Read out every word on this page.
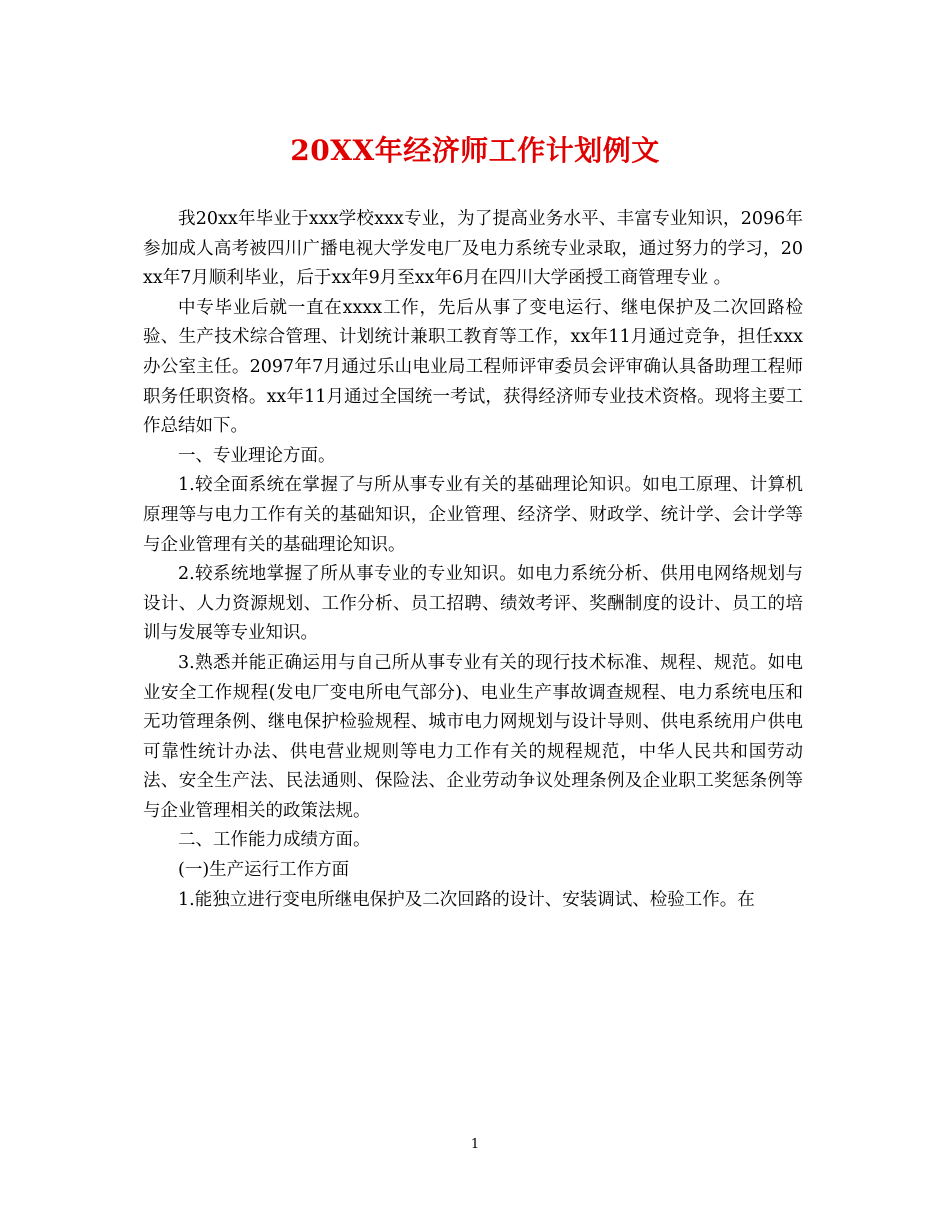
20XX年经济师工作计划例文

我20xx年毕业于xxx学校xxx专业，为了提高业务水平、丰富专业知识，2096年参加成人高考被四川广播电视大学发电厂及电力系统专业录取，通过努力的学习，20xx年7月顺利毕业，后于xx年9月至xx年6月在四川大学函授工商管理专业 。

中专毕业后就一直在xxxx工作，先后从事了变电运行、继电保护及二次回路检验、生产技术综合管理、计划统计兼职工教育等工作，xx年11月通过竞争，担任xxx办公室主任。2097年7月通过乐山电业局工程师评审委员会评审确认具备助理工程师职务任职资格。xx年11月通过全国统一考试，获得经济师专业技术资格。现将主要工作总结如下。

一、专业理论方面。

1.较全面系统在掌握了与所从事专业有关的基础理论知识。如电工原理、计算机原理等与电力工作有关的基础知识，企业管理、经济学、财政学、统计学、会计学等与企业管理有关的基础理论知识。

2.较系统地掌握了所从事专业的专业知识。如电力系统分析、供用电网络规划与设计、人力资源规划、工作分析、员工招聘、绩效考评、奖酬制度的设计、员工的培训与发展等专业知识。

3.熟悉并能正确运用与自己所从事专业有关的现行技术标准、规程、规范。如电业安全工作规程(发电厂变电所电气部分)、电业生产事故调查规程、电力系统电压和无功管理条例、继电保护检验规程、城市电力网规划与设计导则、供电系统用户供电可靠性统计办法、供电营业规则等电力工作有关的规程规范，中华人民共和国劳动法、安全生产法、民法通则、保险法、企业劳动争议处理条例及企业职工奖惩条例等与企业管理相关的政策法规。

二、工作能力成绩方面。

(一)生产运行工作方面

1.能独立进行变电所继电保护及二次回路的设计、安装调试、检验工作。在

1
